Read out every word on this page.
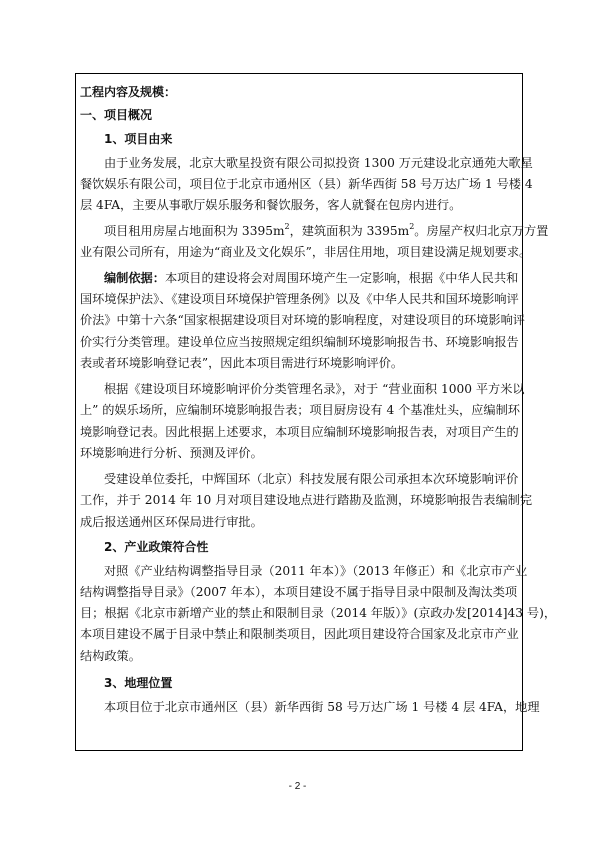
工程内容及规模：
一、项目概况
1、项目由来
由于业务发展，北京大歌星投资有限公司拟投资 1300 万元建设北京通苑大歌星
餐饮娱乐有限公司，项目位于北京市通州区（县）新华西街 58 号万达广场 1 号楼 4
层 4FA，主要从事歌厅娱乐服务和餐饮服务，客人就餐在包房内进行。
项目租用房屋占地面积为 $3395m^2$，建筑面积为 $3395m^2$。房屋产权归北京万方置
业有限公司所有，用途为“商业及文化娱乐”，非居住用地，项目建设满足规划要求。
编制依据：本项目的建设将会对周围环境产生一定影响，根据《中华人民共和
国环境保护法》、《建设项目环境保护管理条例》以及《中华人民共和国环境影响评
价法》中第十六条“国家根据建设项目对环境的影响程度，对建设项目的环境影响评
价实行分类管理。建设单位应当按照规定组织编制环境影响报告书、环境影响报告
表或者环境影响登记表”，因此本项目需进行环境影响评价。
根据《建设项目环境影响评价分类管理名录》，对于 “营业面积 1000 平方米以
上” 的娱乐场所，应编制环境影响报告表；项目厨房设有 4 个基准灶头，应编制环
境影响登记表。因此根据上述要求，本项目应编制环境影响报告表，对项目产生的
环境影响进行分析、预测及评价。
受建设单位委托，中辉国环（北京）科技发展有限公司承担本次环境影响评价
工作，并于 2014 年 10 月对项目建设地点进行踏勘及监测，环境影响报告表编制完
成后报送通州区环保局进行审批。
2、产业政策符合性
对照《产业结构调整指导目录（2011 年本）》（2013 年修正）和《北京市产业
结构调整指导目录》（2007 年本），本项目建设不属于指导目录中限制及淘汰类项
目；根据《北京市新增产业的禁止和限制目录（2014 年版）》(京政办发[2014]43 号)，
本项目建设不属于目录中禁止和限制类项目，因此项目建设符合国家及北京市产业
结构政策。
3、地理位置
本项目位于北京市通州区（县）新华西街 58 号万达广场 1 号楼 4 层 4FA，地理
- 2 -
